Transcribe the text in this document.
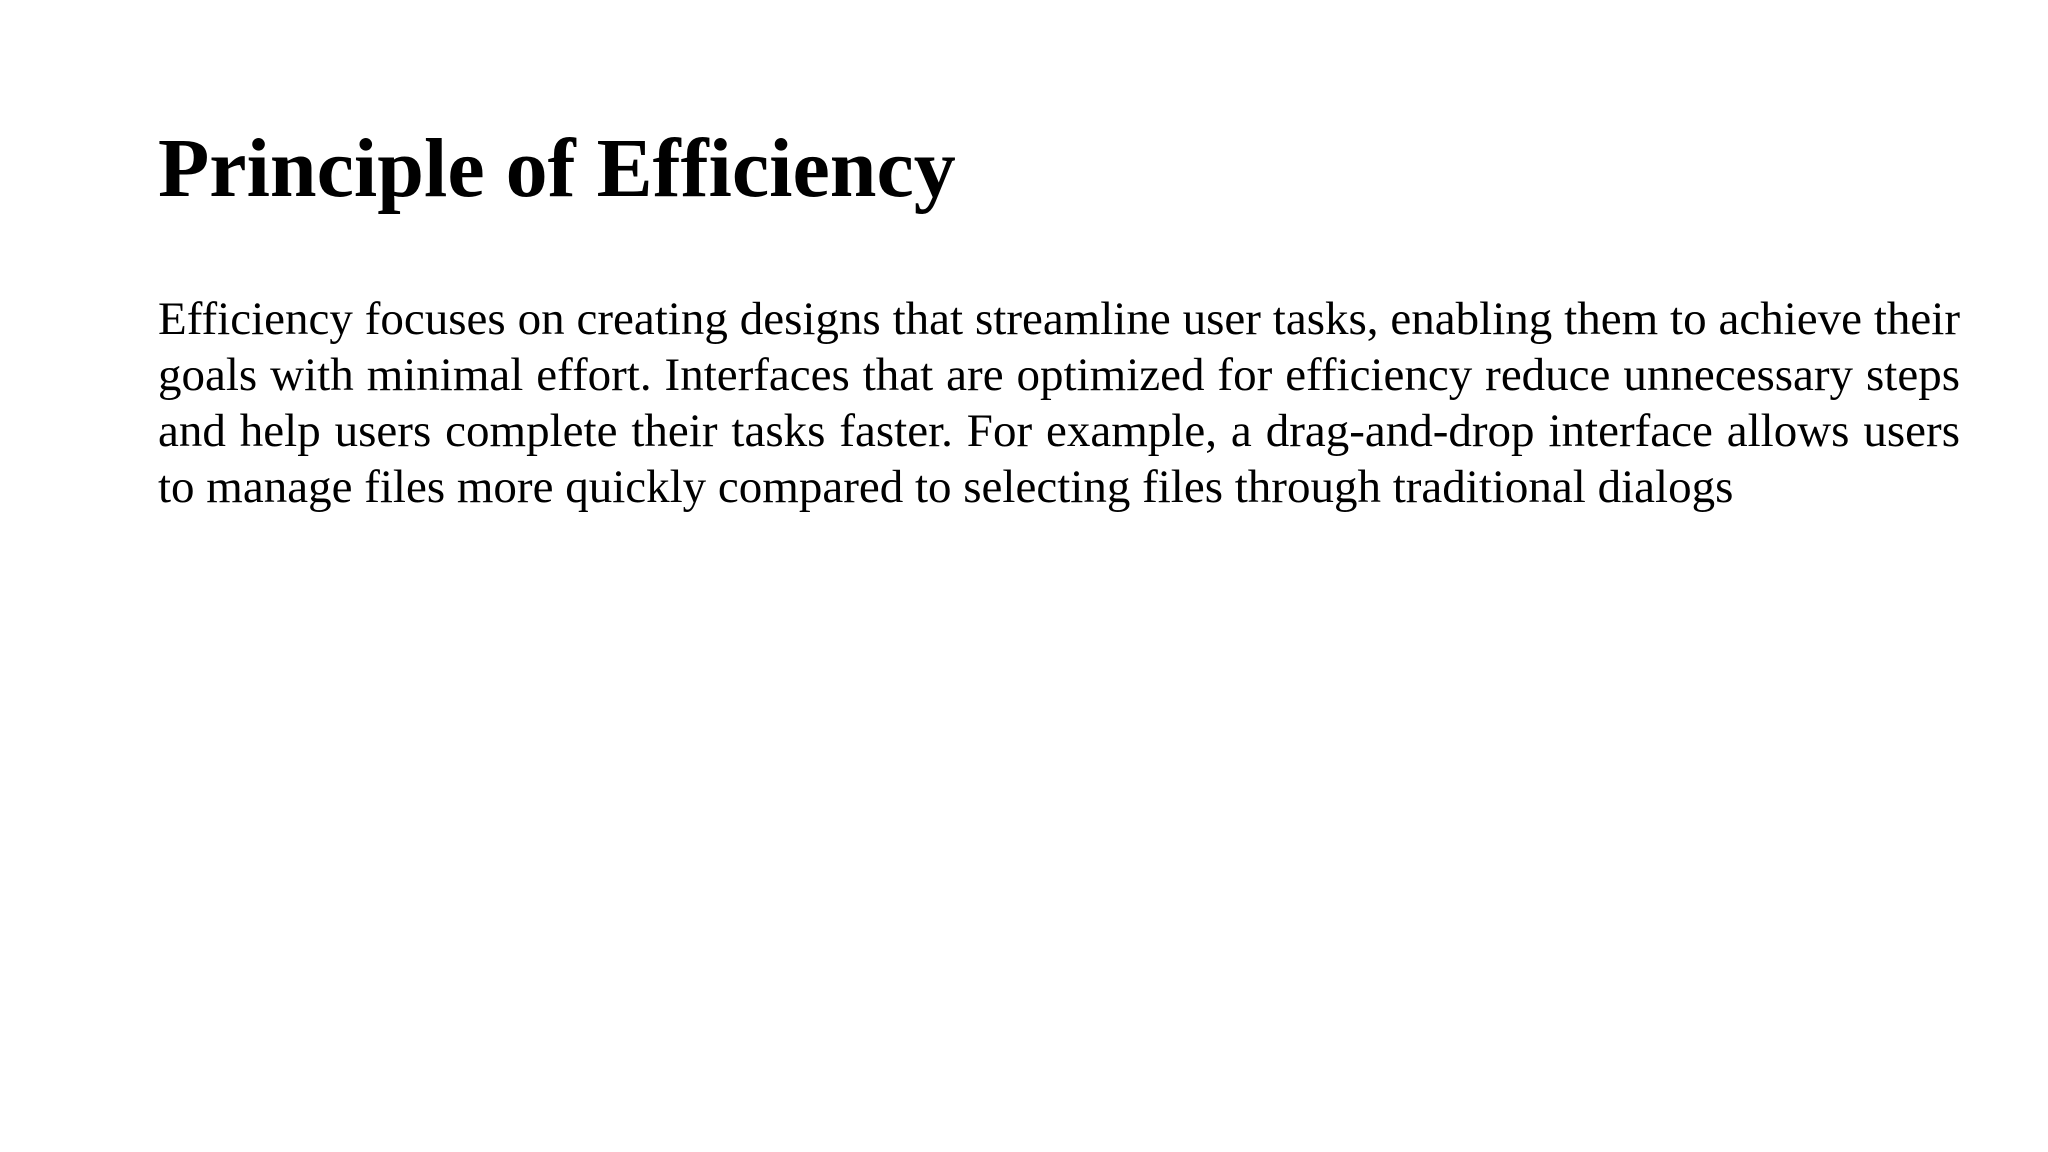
Principle of Efficiency

Efficiency focuses on creating designs that streamline user tasks, enabling them to achieve their goals with minimal effort. Interfaces that are optimized for efficiency reduce unnecessary steps and help users complete their tasks faster. For example, a drag-and-drop interface allows users to manage files more quickly compared to selecting files through traditional dialogs
